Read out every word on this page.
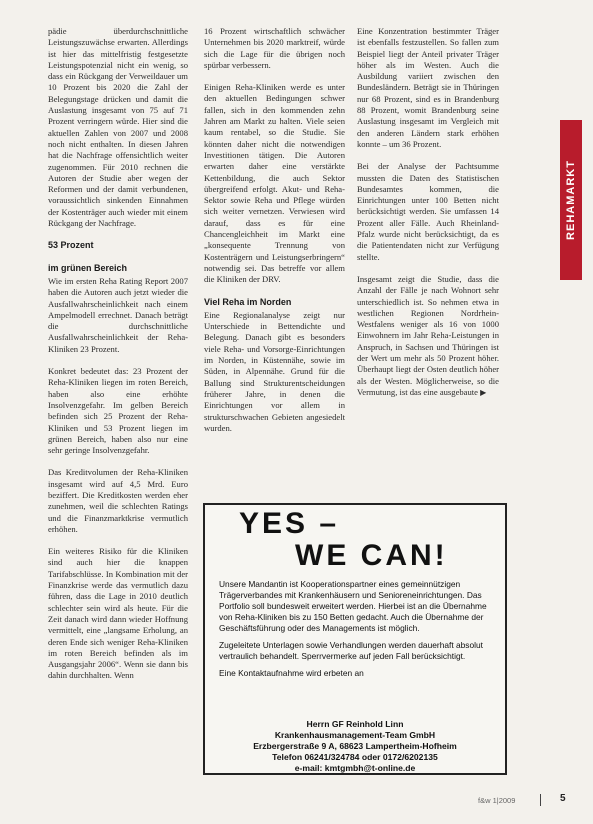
pädie überdurchschnittliche Leistungszuwächse erwarten. Allerdings ist hier das mittelfristig festgesetzte Leistungspotenzial nicht ein wenig, so dass ein Rückgang der Verweildauer um 10 Prozent bis 2020 die Zahl der Belegungstage drücken und damit die Auslastung insgesamt von 75 auf 71 Prozent verringern würde. Hier sind die aktuellen Zahlen von 2007 und 2008 noch nicht enthalten. In diesen Jahren hat die Nachfrage offensichtlich weiter zugenommen. Für 2010 rechnen die Autoren der Studie aber wegen der Reformen und der damit verbundenen, voraussichtlich sinkenden Einnahmen der Kostenträger auch wieder mit einem Rückgang der Nachfrage.

53 Prozent

im grünen Bereich

Wie im ersten Reha Rating Report 2007 haben die Autoren auch jetzt wieder die Ausfallwahrscheinlichkeit nach einem Ampelmodell errechnet. Danach beträgt die durchschnittliche Ausfallwahrscheinlichkeit der Reha-Kliniken 23 Prozent.

Konkret bedeutet das: 23 Prozent der Reha-Kliniken liegen im roten Bereich, haben also eine erhöhte Insolvenzgefahr. Im gelben Bereich befinden sich 25 Prozent der Reha-Kliniken und 53 Prozent liegen im grünen Bereich, haben also nur eine sehr geringe Insolvenzgefahr.

Das Kreditvolumen der Reha-Kliniken insgesamt wird auf 4,5 Mrd. Euro beziffert. Die Kreditkosten werden eher zunehmen, weil die schlechten Ratings und die Finanzmarktkrise vermutlich erhöhen.

Ein weiteres Risiko für die Kliniken sind auch hier die knappen Tarifabschlüsse. In Kombination mit der Finanzkrise werde das vermutlich dazu führen, dass die Lage in 2010 deutlich schlechter sein wird als heute. Für die Zeit danach wird dann wieder Hoffnung vermittelt, eine „langsame Erholung, an deren Ende sich weniger Reha-Kliniken im roten Bereich befinden als im Ausgangsjahr 2006“. Wenn sie dann bis dahin durchhalten. Wenn

16 Prozent wirtschaftlich schwächer Unternehmen bis 2020 marktreif, würde sich die Lage für die übrigen noch spürbar verbessern.

Einigen Reha-Kliniken werde es unter den aktuellen Bedingungen schwer fallen, sich in den kommenden zehn Jahren am Markt zu halten. Viele seien kaum rentabel, so die Studie. Sie könnten daher nicht die notwendigen Investitionen tätigen. Die Autoren erwarten daher eine verstärkte Kettenbildung, die auch Sektor übergreifend erfolgt. Akut- und Reha-Sektor sowie Reha und Pflege würden sich weiter vernetzen. Verwiesen wird darauf, dass es für eine Chancengleichheit im Markt eine „konsequente Trennung von Kostenträgern und Leistungserbringern“ notwendig sei. Das betreffe vor allem die Kliniken der DRV.

Viel Reha im Norden

Eine Regionalanalyse zeigt nur Unterschiede in Bettendichte und Belegung. Danach gibt es besonders viele Reha- und Vorsorge-Einrichtungen im Norden, in Küstennähe, sowie im Süden, in Alpennähe. Grund für die Ballung sind Strukturentscheidungen früherer Jahre, in denen die Einrichtungen vor allem in strukturschwachen Gebieten angesiedelt wurden.

Eine Konzentration bestimmter Träger ist ebenfalls festzustellen. So fallen zum Beispiel liegt der Anteil privater Träger höher als im Westen. Auch die Ausbildung variiert zwischen den Bundesländern. Beträgt sie in Thüringen nur 68 Prozent, sind es in Brandenburg 88 Prozent, womit Brandenburg seine Auslastung insgesamt im Vergleich mit den anderen Ländern stark erhöhen konnte – um 36 Prozent.

Bei der Analyse der Pachtsumme mussten die Daten des Statistischen Bundesamtes kommen, die Einrichtungen unter 100 Betten nicht berücksichtigt werden. Sie umfassen 14 Prozent aller Fälle. Auch Rheinland-Pfalz wurde nicht berücksichtigt, da es die Patientendaten nicht zur Verfügung stellte.

Insgesamt zeigt die Studie, dass die Anzahl der Fälle je nach Wohnort sehr unterschiedlich ist. So nehmen etwa in westlichen Regionen Nordrhein-Westfalens weniger als 16 von 1000 Einwohnern im Jahr Reha-Leistungen in Anspruch, in Sachsen und Thüringen ist der Wert um mehr als 50 Prozent höher. Überhaupt liegt der Osten deutlich höher als der Westen. Möglicherweise, so die Vermutung, ist das eine ausgebaute ▶

REHAMARKT

YES –

WE CAN!

Unsere Mandantin ist Kooperationspartner eines gemeinnützigen Trägerverbandes mit Krankenhäusern und Senioreneinrichtungen. Das Portfolio soll bundesweit erweitert werden. Hierbei ist an die Übernahme von Reha-Kliniken bis zu 150 Betten gedacht. Auch die Übernahme der Geschäftsführung oder des Managements ist möglich.

Zugeleitete Unterlagen sowie Verhandlungen werden dauerhaft absolut vertraulich behandelt. Sperrvermerke auf jeden Fall berücksichtigt.

Eine Kontaktaufnahme wird erbeten an

Herrn GF Reinhold Linn
Krankenhausmanagement-Team GmbH
Erzbergerstraße 9 A, 68623 Lampertheim-Hofheim
Telefon 06241/324784 oder 0172/6202135
e-mail: kmtgmbh@t-online.de
f&w 1|2009	5
